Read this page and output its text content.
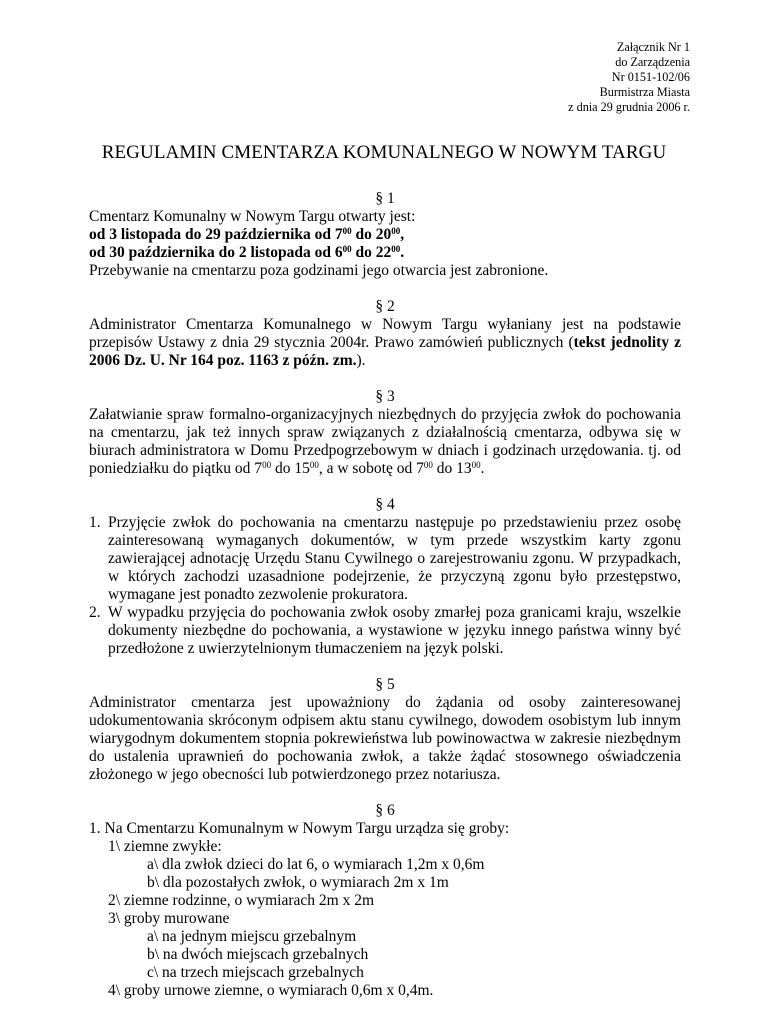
Załącznik Nr 1
do Zarządzenia
Nr 0151-102/06
Burmistrza Miasta
z dnia 29 grudnia 2006 r.
REGULAMIN CMENTARZA KOMUNALNEGO W NOWYM TARGU

§ 1

Cmentarz Komunalny w Nowym Targu otwarty jest:

od 3 listopada do 29 października od $7^{00}$ do $20^{00}$,

od 30 października do 2 listopada od $6^{00}$ do $22^{00}$.

Przebywanie na cmentarzu poza godzinami jego otwarcia jest zabronione.

§ 2

Administrator Cmentarza Komunalnego w Nowym Targu wyłaniany jest na podstawie przepisów Ustawy z dnia 29 stycznia 2004r. Prawo zamówień publicznych (tekst jednolity z 2006 Dz. U. Nr 164 poz. 1163 z późn. zm.).

§ 3

Załatwianie spraw formalno-organizacyjnych niezbędnych do przyjęcia zwłok do pochowania na cmentarzu, jak też innych spraw związanych z działalnością cmentarza, odbywa się w biurach administratora w Domu Przedpogrzebowym w dniach i godzinach urzędowania. tj. od poniedziałku do piątku od $7^{00}$ do $15^{00}$, a w sobotę od $7^{00}$ do $13^{00}$.

§ 4

1. Przyjęcie zwłok do pochowania na cmentarzu następuje po przedstawieniu przez osobę zainteresowaną wymaganych dokumentów, w tym przede wszystkim karty zgonu zawierającej adnotację Urzędu Stanu Cywilnego o zarejestrowaniu zgonu. W przypadkach, w których zachodzi uzasadnione podejrzenie, że przyczyną zgonu było przestępstwo, wymagane jest ponadto zezwolenie prokuratora.
2. W wypadku przyjęcia do pochowania zwłok osoby zmarłej poza granicami kraju, wszelkie dokumenty niezbędne do pochowania, a wystawione w języku innego państwa winny być przedłożone z uwierzytelnionym tłumaczeniem na język polski.

§ 5

Administrator cmentarza jest upoważniony do żądania od osoby zainteresowanej udokumentowania skróconym odpisem aktu stanu cywilnego, dowodem osobistym lub innym wiarygodnym dokumentem stopnia pokrewieństwa lub powinowactwa w zakresie niezbędnym do ustalenia uprawnień do pochowania zwłok, a także żądać stosownego oświadczenia złożonego w jego obecności lub potwierdzonego przez notariusza.

§ 6

1. Na Cmentarzu Komunalnym w Nowym Targu urządza się groby:

1\ ziemne zwykłe:

a\ dla zwłok dzieci do lat 6, o wymiarach 1,2m x 0,6m

b\ dla pozostałych zwłok, o wymiarach 2m x 1m

2\ ziemne rodzinne, o wymiarach 2m x 2m

3\ groby murowane

a\ na jednym miejscu grzebalnym

b\ na dwóch miejscach grzebalnych

c\ na trzech miejscach grzebalnych

4\ groby urnowe ziemne, o wymiarach 0,6m x 0,4m.
